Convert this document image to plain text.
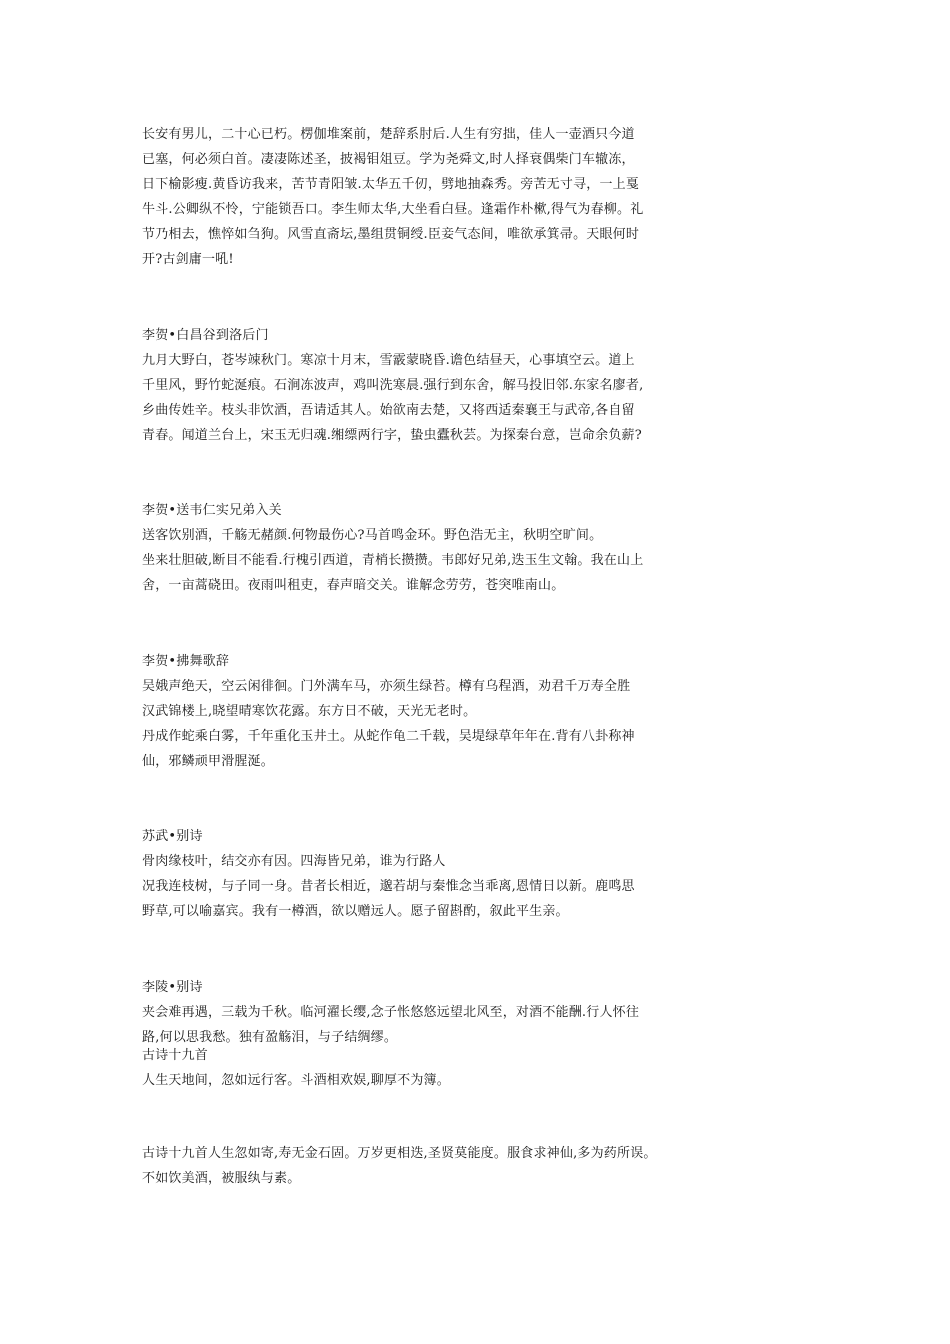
长安有男儿，二十心已朽。楞伽堆案前，楚辞系肘后.人生有穷拙，佳人一壶酒只今道
已塞，何必须白首。凄凄陈述圣，披褐钼俎豆。学为尧舜文,时人择衰偶柴门车辙冻，
日下榆影瘦.黄昏访我来，苦节青阳皱.太华五千仞，劈地抽森秀。旁苦无寸寻，一上戛
牛斗.公卿纵不怜，宁能锁吾口。李生师太华,大坐看白昼。逢霜作朴樕,得气为春柳。礼
节乃相去，憔悴如刍狗。风雪直斋坛,墨组贯铜绶.臣妾气态间，唯欲承箕帚。天眼何时
开?古剑庸一吼!
李贺•白昌谷到洛后门
九月大野白，苍岑竦秋门。寒凉十月末，雪霰蒙晓昏.谵色结昼天，心事填空云。道上
千里风，野竹蛇涎痕。石涧冻波声，鸡叫洗寒晨.强行到东舍，解马投旧邻.东家名廖者,
乡曲传姓辛。枝头非饮酒，吾请适其人。始欲南去楚，又将西适秦襄王与武帝,各自留
青春。闻道兰台上，宋玉无归魂.缃缥两行字，蛰虫蠹秋芸。为探秦台意，岂命余负薪?
李贺•送韦仁实兄弟入关
送客饮别酒，千觞无赭颜.何物最伤心?马首鸣金环。野色浩无主，秋明空旷间。
坐来壮胆破,断目不能看.行槐引西道，青梢长攒攒。韦郎好兄弟,迭玉生文翰。我在山上
舍，一亩蒿硗田。夜雨叫租吏，春声暗交关。谁解念劳劳，苍突唯南山。
李贺•拂舞歌辞
吴娥声绝天，空云闲徘徊。门外满车马，亦须生绿苔。樽有乌程酒，劝君千万寿全胜
汉武锦楼上,晓望晴寒饮花露。东方日不破，天光无老时。
丹成作蛇乘白雾，千年重化玉井土。从蛇作龟二千载，吴堤绿草年年在.背有八卦称神
仙，邪鳞顽甲滑腥涎。
苏武•别诗
骨肉缘枝叶，结交亦有因。四海皆兄弟，谁为行路人
况我连枝树，与子同一身。昔者长相近，邈若胡与秦惟念当乖离,恩情日以新。鹿鸣思
野草,可以喻嘉宾。我有一樽酒，欲以赠远人。愿子留斟酌，叙此平生亲。
李陵•别诗
夹会难再遇，三载为千秋。临河濯长缨,念子怅悠悠远望北风至，对酒不能酬.行人怀往
路,何以思我愁。独有盈觞泪，与子结绸缪。
古诗十九首
人生天地间，忽如远行客。斗酒相欢娱,聊厚不为簿。
古诗十九首人生忽如寄,寿无金石固。万岁更相迭,圣贤莫能度。服食求神仙,多为药所误。
不如饮美酒，被服纨与素。
